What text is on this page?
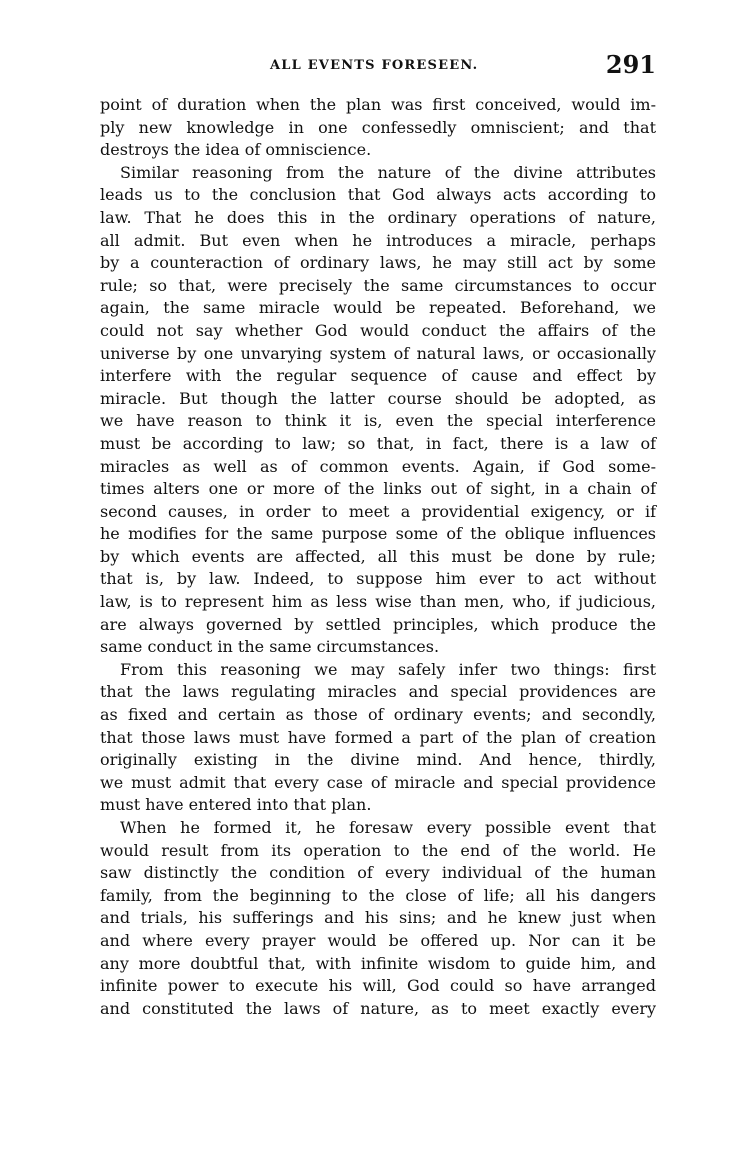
ALL EVENTS FORESEEN.	291
point of duration when the plan was first conceived, would im-
ply new knowledge in one confessedly omniscient; and that
destroys the idea of omniscience.
Similar reasoning from the nature of the divine attributes
leads us to the conclusion that God always acts according to
law. That he does this in the ordinary operations of nature,
all admit. But even when he introduces a miracle, perhaps
by a counteraction of ordinary laws, he may still act by some
rule; so that, were precisely the same circumstances to occur
again, the same miracle would be repeated. Beforehand, we
could not say whether God would conduct the affairs of the
universe by one unvarying system of natural laws, or occasionally
interfere with the regular sequence of cause and effect by
miracle. But though the latter course should be adopted, as
we have reason to think it is, even the special interference
must be according to law; so that, in fact, there is a law of
miracles as well as of common events. Again, if God some-
times alters one or more of the links out of sight, in a chain of
second causes, in order to meet a providential exigency, or if
he modifies for the same purpose some of the oblique influences
by which events are affected, all this must be done by rule;
that is, by law. Indeed, to suppose him ever to act without
law, is to represent him as less wise than men, who, if judicious,
are always governed by settled principles, which produce the
same conduct in the same circumstances.
From this reasoning we may safely infer two things: first
that the laws regulating miracles and special providences are
as fixed and certain as those of ordinary events; and secondly,
that those laws must have formed a part of the plan of creation
originally existing in the divine mind. And hence, thirdly,
we must admit that every case of miracle and special providence
must have entered into that plan.
When he formed it, he foresaw every possible event that
would result from its operation to the end of the world. He
saw distinctly the condition of every individual of the human
family, from the beginning to the close of life; all his dangers
and trials, his sufferings and his sins; and he knew just when
and where every prayer would be offered up. Nor can it be
any more doubtful that, with infinite wisdom to guide him, and
infinite power to execute his will, God could so have arranged
and constituted the laws of nature, as to meet exactly every
